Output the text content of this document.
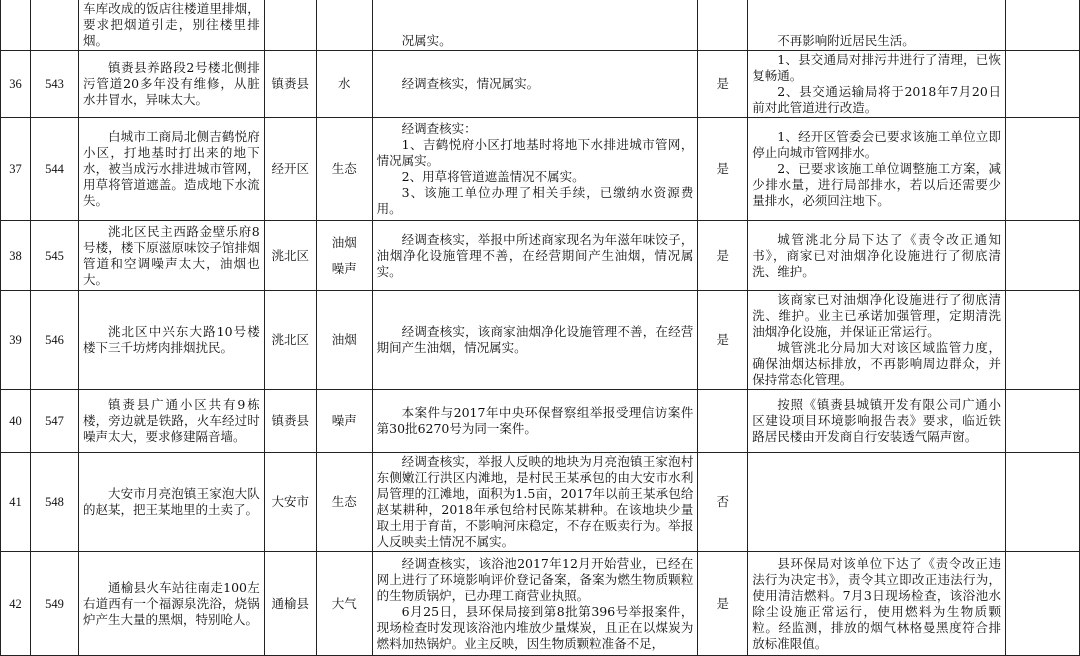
		车库改成的饭店往楼道里排烟，要求把烟道引走，别往楼里排烟。			况属实。		不再影响附近居民生活。	

36	543	镇赉县养路段2号楼北侧排污管道20多年没有维修，从脏水井冒水，异味太大。	镇赉县	水	经调查核实，情况属实。	是	1、县交通局对排污井进行了清理，已恢复畅通。
2、县交通运输局将于2018年7月20日前对此管道进行改造。	

37	544	白城市工商局北侧吉鹤悦府小区，打地基时打出来的地下水，被当成污水排进城市管网，用草将管道遮盖。造成地下水流失。	经开区	生态	经调查核实：
1、吉鹤悦府小区打地基时将地下水排进城市管网，情况属实。
2、用草将管道遮盖情况不属实。
3、该施工单位办理了相关手续，已缴纳水资源费用。	是	1、经开区管委会已要求该施工单位立即停止向城市管网排水。
2、已要求该施工单位调整施工方案，减少排水量，进行局部排水，若以后还需要少量排水，必须回注地下。	

38	545	洮北区民主西路金壁乐府8号楼，楼下原滋原味饺子馆排烟管道和空调噪声太大，油烟也大。	洮北区	油烟
噪声	经调查核实，举报中所述商家现名为年滋年味饺子，油烟净化设施管理不善，在经营期间产生油烟，情况属实。	是	城管洮北分局下达了《责令改正通知书》，商家已对油烟净化设施进行了彻底清洗、维护。	

39	546	洮北区中兴东大路10号楼楼下三千坊烤肉排烟扰民。	洮北区	油烟	经调查核实，该商家油烟净化设施管理不善，在经营期间产生油烟，情况属实。	是	该商家已对油烟净化设施进行了彻底清洗、维护。业主已承诺加强管理，定期清洗油烟净化设施，并保证正常运行。
城管洮北分局加大对该区域监管力度，确保油烟达标排放，不再影响周边群众，并保持常态化管理。	

40	547	镇赉县广通小区共有9栋楼，旁边就是铁路，火车经过时噪声太大，要求修建隔音墙。	镇赉县	噪声	本案件与2017年中央环保督察组举报受理信访案件第30批6270号为同一案件。		按照《镇赉县城镇开发有限公司广通小区建设项目环境影响报告表》要求，临近铁路居民楼由开发商自行安装透气隔声窗。	

41	548	大安市月亮泡镇王家泡大队的赵某，把王某地里的土卖了。	大安市	生态	经调查核实，举报人反映的地块为月亮泡镇王家泡村东侧嫩江行洪区内滩地，是村民王某承包的由大安市水利局管理的江滩地，面积为1.5亩，2017年以前王某承包给赵某耕种，2018年承包给村民陈某耕种。在该地块少量取土用于育苗，不影响河床稳定，不存在贩卖行为。举报人反映卖土情况不属实。	否	

42	549	通榆县火车站往南走100左右道西有一个福源泉洗浴，烧锅炉产生大量的黑烟，特别呛人。	通榆县	大气	经调查核实，该浴池2017年12月开始营业，已经在网上进行了环境影响评价登记备案，备案为燃生物质颗粒的生物质锅炉，已办理工商营业执照。
6月25日，县环保局接到第8批第396号举报案件，现场检查时发现该浴池内堆放少量煤炭，且正在以煤炭为燃料加热锅炉。业主反映，因生物质颗粒准备不足，	是	县环保局对该单位下达了《责令改正违法行为决定书》，责令其立即改正违法行为，使用清洁燃料。7月3日现场检查，该浴池水除尘设施正常运行，使用燃料为生物质颗粒。经监测，排放的烟气林格曼黑度符合排放标准限值。	
